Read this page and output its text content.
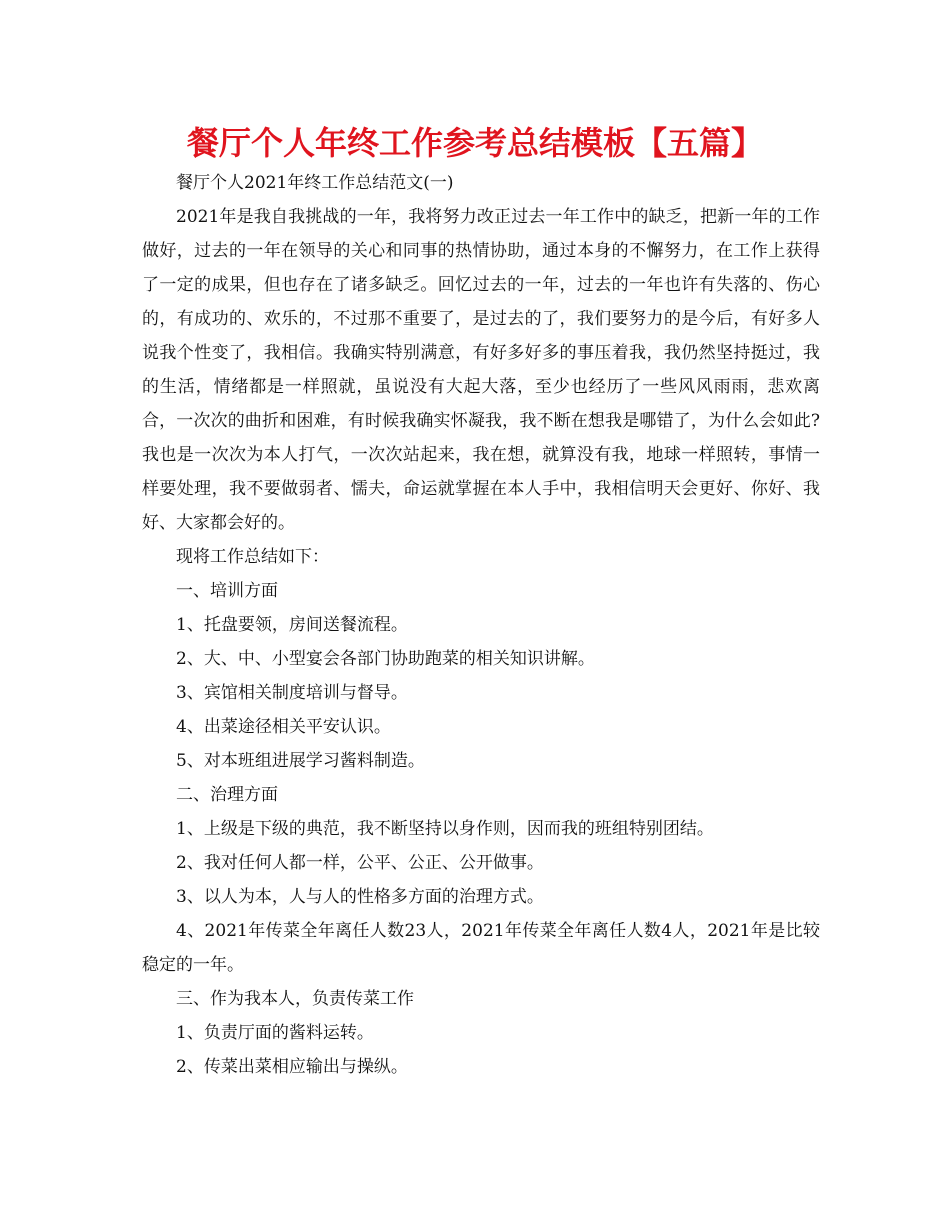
餐厅个人年终工作参考总结模板【五篇】

餐厅个人2021年终工作总结范文(一)

2021年是我自我挑战的一年，我将努力改正过去一年工作中的缺乏，把新一年的工作做好，过去的一年在领导的关心和同事的热情协助，通过本身的不懈努力，在工作上获得了一定的成果，但也存在了诸多缺乏。回忆过去的一年，过去的一年也许有失落的、伤心的，有成功的、欢乐的，不过那不重要了，是过去的了，我们要努力的是今后，有好多人说我个性变了，我相信。我确实特别满意，有好多好多的事压着我，我仍然坚持挺过，我的生活，情绪都是一样照就，虽说没有大起大落，至少也经历了一些风风雨雨，悲欢离合，一次次的曲折和困难，有时候我确实怀凝我，我不断在想我是哪错了，为什么会如此?我也是一次次为本人打气，一次次站起来，我在想，就算没有我，地球一样照转，事情一样要处理，我不要做弱者、懦夫，命运就掌握在本人手中，我相信明天会更好、你好、我好、大家都会好的。

现将工作总结如下：

一、培训方面

1、托盘要领，房间送餐流程。

2、大、中、小型宴会各部门协助跑菜的相关知识讲解。

3、宾馆相关制度培训与督导。

4、出菜途径相关平安认识。

5、对本班组进展学习酱料制造。

二、治理方面

1、上级是下级的典范，我不断坚持以身作则，因而我的班组特别团结。

2、我对任何人都一样，公平、公正、公开做事。

3、以人为本，人与人的性格多方面的治理方式。

4、2021年传菜全年离任人数23人，2021年传菜全年离任人数4人，2021年是比较稳定的一年。

三、作为我本人，负责传菜工作

1、负责厅面的酱料运转。

2、传菜出菜相应输出与操纵。
